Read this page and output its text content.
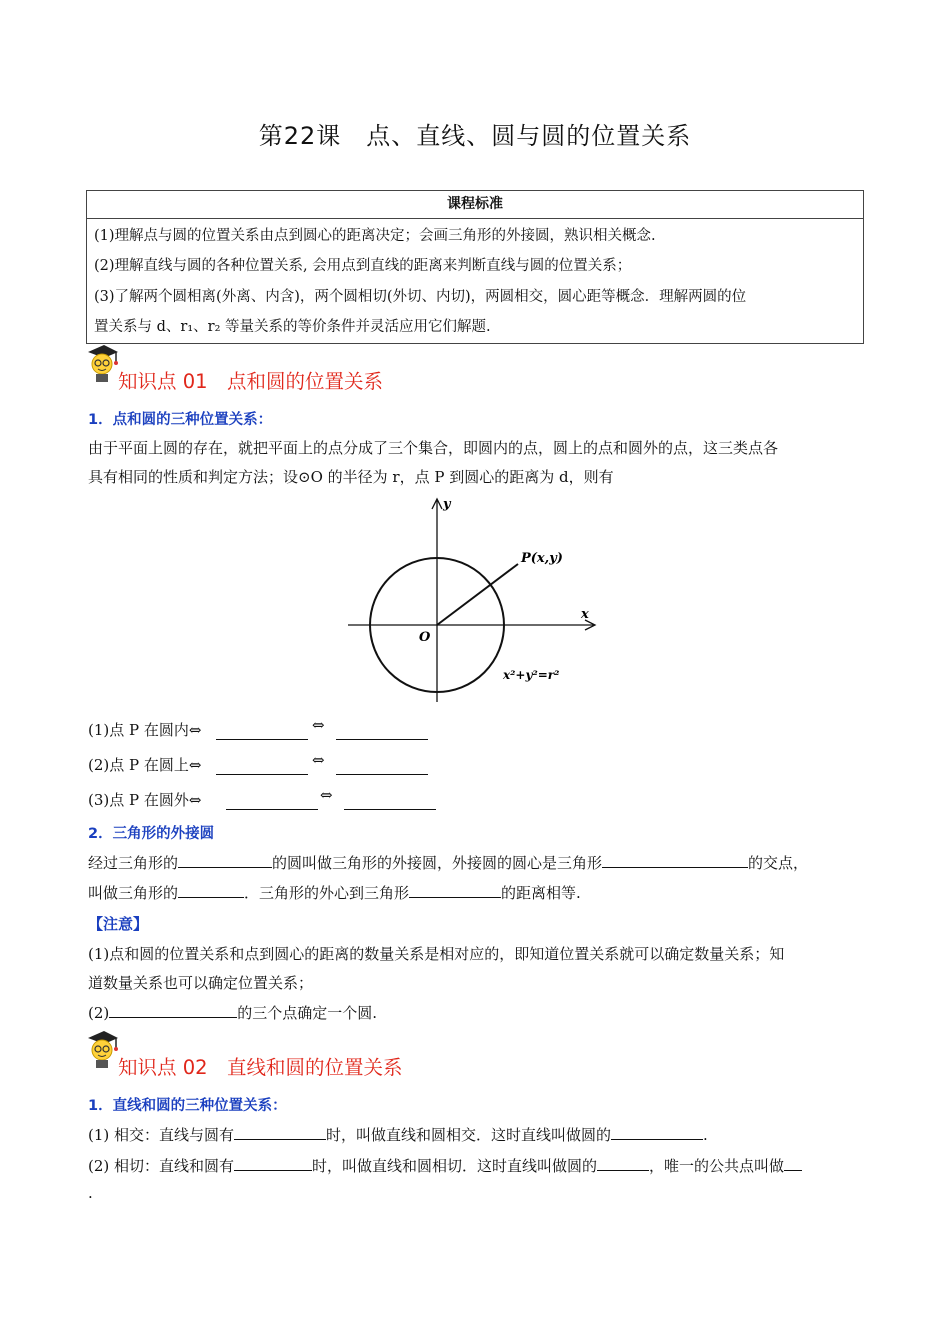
第22课　点、直线、圆与圆的位置关系
课程标准
(1)理解点与圆的位置关系由点到圆心的距离决定；会画三角形的外接圆，熟识相关概念.
(2)理解直线与圆的各种位置关系, 会用点到直线的距离来判断直线与圆的位置关系；
(3)了解两个圆相离(外离、内含)，两个圆相切(外切、内切)，两圆相交，圆心距等概念．理解两圆的位
置关系与 d、r₁、r₂ 等量关系的等价条件并灵活应用它们解题.
知识点 01　点和圆的位置关系
1．点和圆的三种位置关系：
由于平面上圆的存在，就把平面上的点分成了三个集合，即圆内的点，圆上的点和圆外的点，这三类点各
具有相同的性质和判定方法；设⊙O 的半径为 r，点 P 到圆心的距离为 d，则有
y
x
O
P(x,y)
x²+y²=r²
(1)点 P 在圆内⇔	⇔
(2)点 P 在圆上⇔	⇔
(3)点 P 在圆外⇔	⇔
2．三角形的外接圆
经过三角形的	的圆叫做三角形的外接圆，外接圆的圆心是三角形	的交点，
叫做三角形的	．三角形的外心到三角形	的距离相等.
【注意】
(1)点和圆的位置关系和点到圆心的距离的数量关系是相对应的，即知道位置关系就可以确定数量关系；知
道数量关系也可以确定位置关系；
(2)	的三个点确定一个圆.
知识点 02　直线和圆的位置关系
1．直线和圆的三种位置关系：
(1) 相交：直线与圆有	时，叫做直线和圆相交．这时直线叫做圆的	.
(2) 相切：直线和圆有	时，叫做直线和圆相切．这时直线叫做圆的	，唯一的公共点叫做
.
